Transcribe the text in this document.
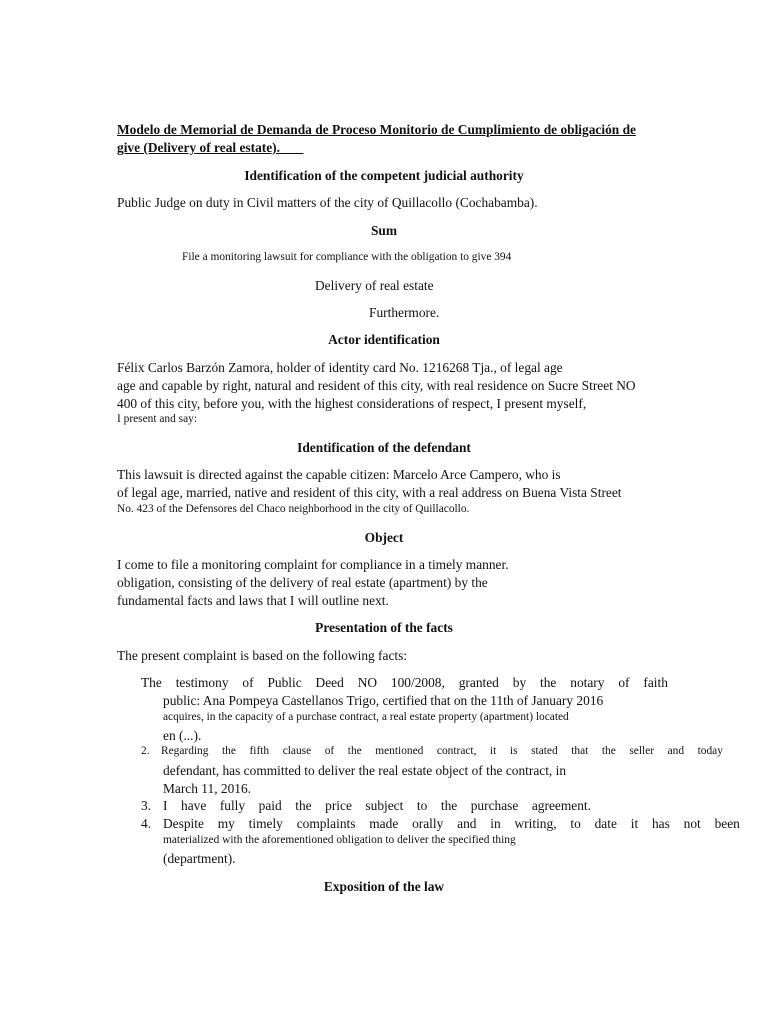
Modelo de Memorial de Demanda de Proceso Monitorio de Cumplimiento de obligación de
give (Delivery of real estate).
Identification of the competent judicial authority
Public Judge on duty in Civil matters of the city of Quillacollo (Cochabamba).
Sum
File a monitoring lawsuit for compliance with the obligation to give 394
Delivery of real estate
Furthermore.
Actor identification
Félix Carlos Barzón Zamora, holder of identity card No. 1216268 Tja., of legal age
age and capable by right, natural and resident of this city, with real residence on Sucre Street NO
400 of this city, before you, with the highest considerations of respect, I present myself,
I present and say:
Identification of the defendant
This lawsuit is directed against the capable citizen: Marcelo Arce Campero, who is
of legal age, married, native and resident of this city, with a real address on Buena Vista Street
No. 423 of the Defensores del Chaco neighborhood in the city of Quillacollo.
Object
I come to file a monitoring complaint for compliance in a timely manner.
obligation, consisting of the delivery of real estate (apartment) by the
fundamental facts and laws that I will outline next.
Presentation of the facts
The present complaint is based on the following facts:
The testimony of Public Deed NO 100/2008, granted by the notary of faith
public: Ana Pompeya Castellanos Trigo, certified that on the 11th of January 2016
acquires, in the capacity of a purchase contract, a real estate property (apartment) located
en (...).
2. Regarding the fifth clause of the mentioned contract, it is stated that the seller and today
defendant, has committed to deliver the real estate object of the contract, in
March 11, 2016.
3. I have fully paid the price subject to the purchase agreement.
4. Despite my timely complaints made orally and in writing, to date it has not been
materialized with the aforementioned obligation to deliver the specified thing
(department).
Exposition of the law
